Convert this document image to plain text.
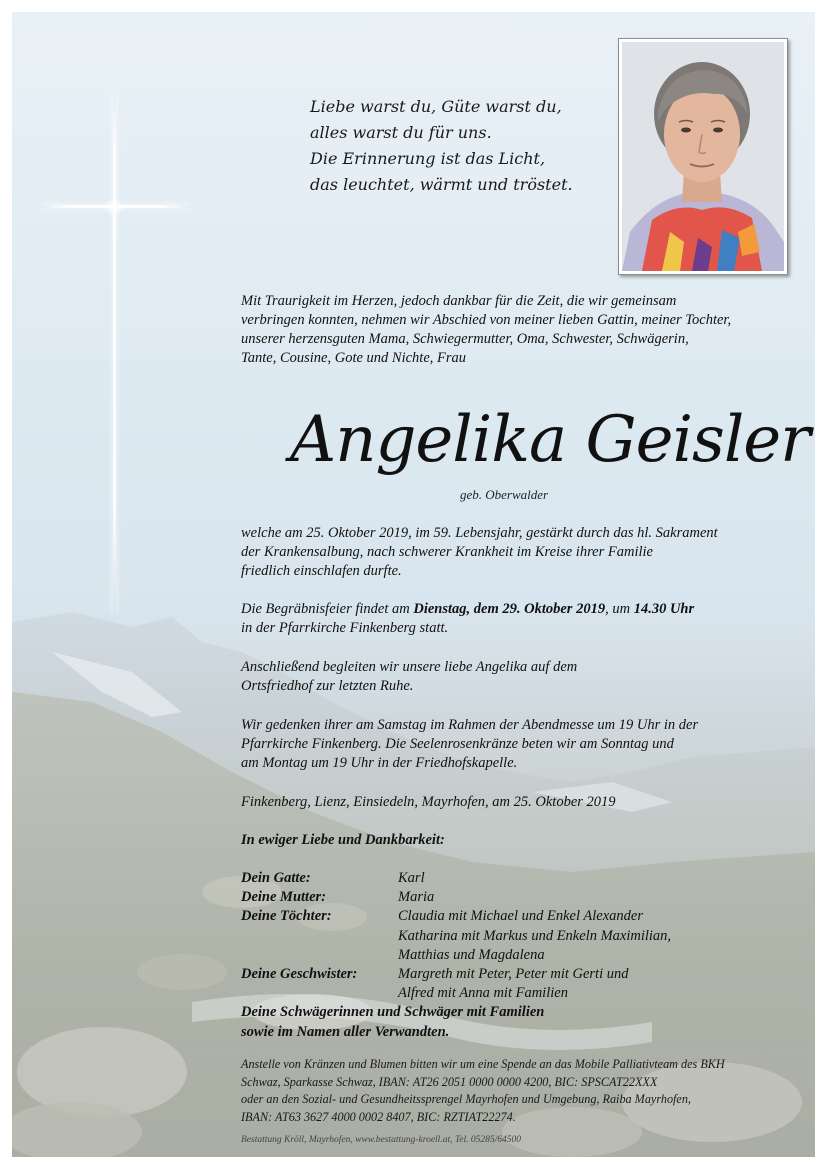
Liebe warst du, Güte warst du,
alles warst du für uns.
Die Erinnerung ist das Licht,
das leuchtet, wärmt und tröstet.

Mit Traurigkeit im Herzen, jedoch dankbar für die Zeit, die wir gemeinsam

verbringen konnten, nehmen wir Abschied von meiner lieben Gattin, meiner Tochter,

unserer herzensguten Mama, Schwiegermutter, Oma, Schwester, Schwägerin,

Tante, Cousine, Gote und Nichte, Frau

Angelika Geisler
geb. Oberwalder

welche am 25. Oktober 2019, im 59. Lebensjahr, gestärkt durch das hl. Sakrament

der Krankensalbung, nach schwerer Krankheit im Kreise ihrer Familie

friedlich einschlafen durfte.

Die Begräbnisfeier findet am Dienstag, dem 29. Oktober 2019, um 14.30 Uhr

in der Pfarrkirche Finkenberg statt.

Anschließend begleiten wir unsere liebe Angelika auf dem

Ortsfriedhof zur letzten Ruhe.

Wir gedenken ihrer am Samstag im Rahmen der Abendmesse um 19 Uhr in der

Pfarrkirche Finkenberg. Die Seelenrosenkränze beten wir am Sonntag und

am Montag um 19 Uhr in der Friedhofskapelle.

Finkenberg, Lienz, Einsiedeln, Mayrhofen, am 25. Oktober 2019

In ewiger Liebe und Dankbarkeit:

Dein Gatte:	Karl
Deine Mutter:	Maria
Deine Töchter:	Claudia mit Michael und Enkel Alexander
Katharina mit Markus und Enkeln Maximilian,
Matthias und Magdalena
Deine Geschwister:	Margreth mit Peter, Peter mit Gerti und
Alfred mit Anna mit Familien
Deine Schwägerinnen und Schwäger mit Familien
sowie im Namen aller Verwandten.

Anstelle von Kränzen und Blumen bitten wir um eine Spende an das Mobile Palliativteam des BKH

Schwaz, Sparkasse Schwaz, IBAN: AT26 2051 0000 0000 4200, BIC: SPSCAT22XXX

oder an den Sozial- und Gesundheitssprengel Mayrhofen und Umgebung, Raiba Mayrhofen,

IBAN: AT63 3627 4000 0002 8407, BIC: RZTIAT22274.

Bestattung Kröll, Mayrhofen, www.bestattung-kroell.at, Tel. 05285/64500
